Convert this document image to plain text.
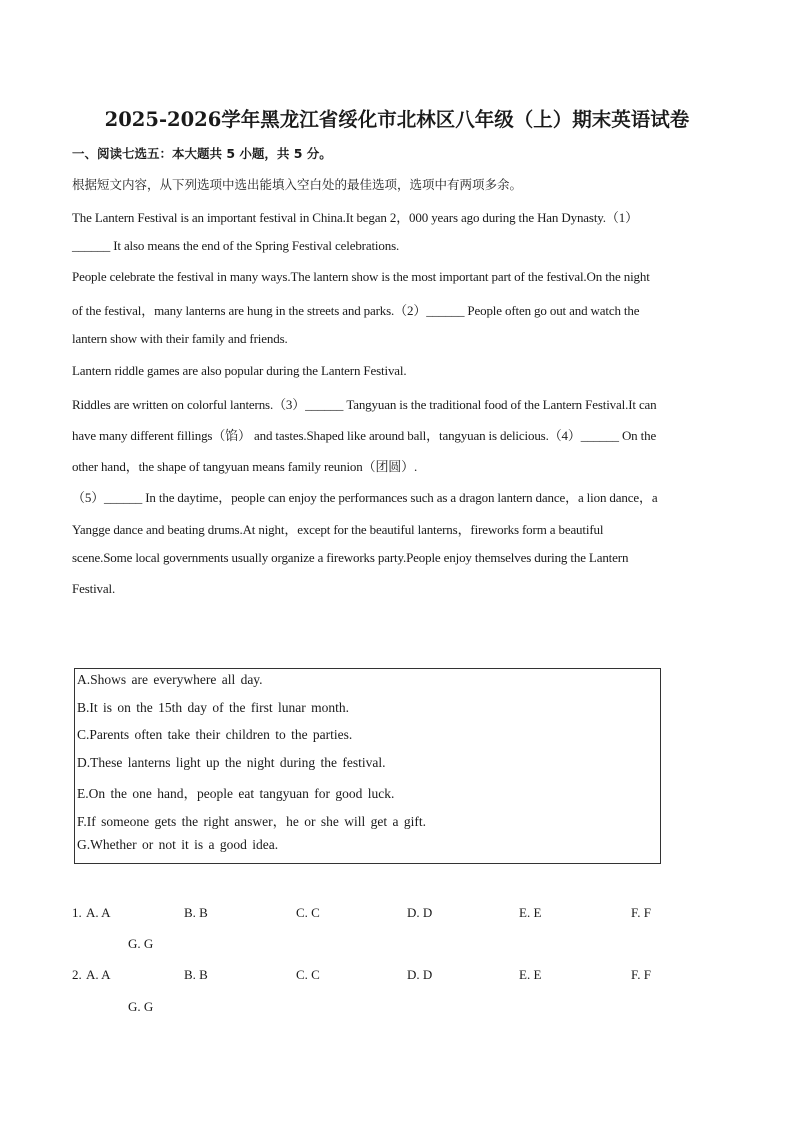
2025-2026学年黑龙江省绥化市北林区八年级（上）期末英语试卷
一、阅读七选五：本大题共 5 小题，共 5 分。
根据短文内容，从下列选项中选出能填入空白处的最佳选项，选项中有两项多余。
The Lantern Festival is an important festival in China.It began 2，000 years ago during the Han Dynasty.（1）
______ It also means the end of the Spring Festival celebrations.
People celebrate the festival in many ways.The lantern show is the most important part of the festival.On the night
of the festival，many lanterns are hung in the streets and parks.（2）______ People often go out and watch the
lantern show with their family and friends.
Lantern riddle games are also popular during the Lantern Festival.
Riddles are written on colorful lanterns.（3）______ Tangyuan is the traditional food of the Lantern Festival.It can
have many different fillings（馅） and tastes.Shaped like around ball，tangyuan is delicious.（4）______ On the
other hand，the shape of tangyuan means family reunion（团圆）.
（5）______ In the daytime，people can enjoy the performances such as a dragon lantern dance，a lion dance，a
Yangge dance and beating drums.At night，except for the beautiful lanterns，fireworks form a beautiful
scene.Some local governments usually organize a fireworks party.People enjoy themselves during the Lantern
Festival.
A.Shows are everywhere all day.
B.It is on the 15th day of the first lunar month.
C.Parents often take their children to the parties.
D.These lanterns light up the night during the festival.
E.On the one hand，people eat tangyuan for good luck.
F.If someone gets the right answer，he or she will get a gift.
G.Whether or not it is a good idea.
1. A. A	B. B	C. C	D. D	E. E	F. F
G. G
2. A. A	B. B	C. C	D. D	E. E	F. F
G. G
